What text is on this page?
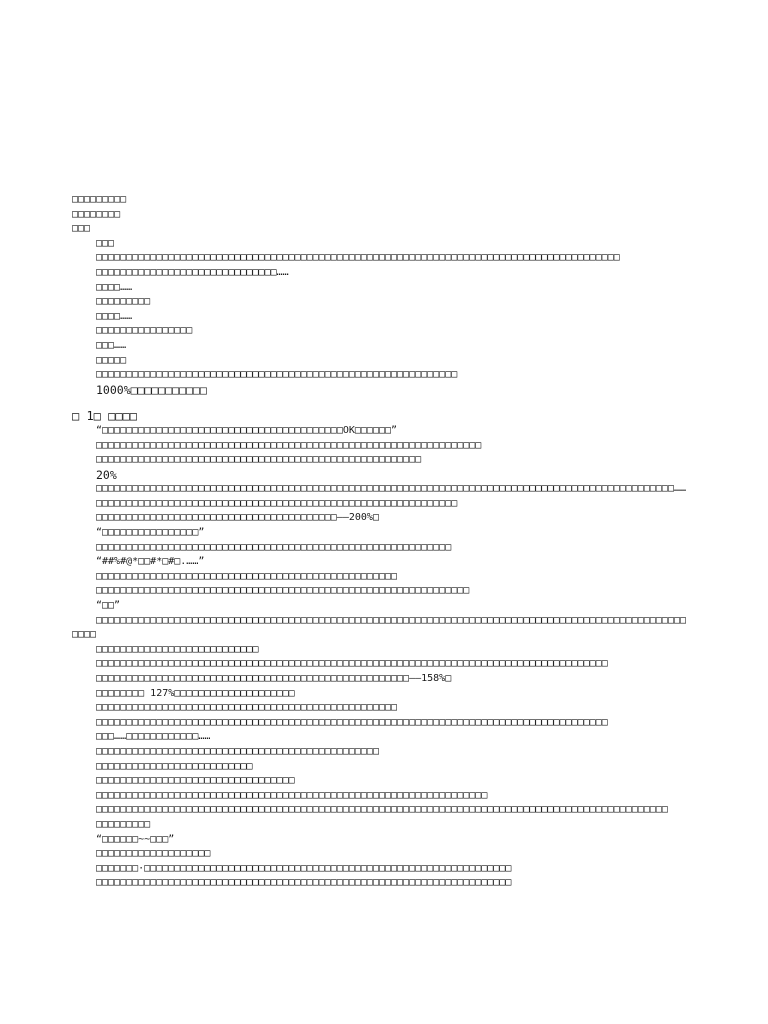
□□□□□□□□□
□□□□□□□□
□□□
□□□
□□□□□□□□□□□□□□□□□□□□□□□□□□□□□□□□□□□□□□□□□□□□□□□□□□□□□□□□□□□□□□□□□□□□□□□□□□□□□□□□□□□□□□□
□□□□□□□□□□□□□□□□□□□□□□□□□□□□□□……
□□□□……
□□□□□□□□□
□□□□……
□□□□□□□□□□□□□□□□
□□□……
□□□□□
□□□□□□□□□□□□□□□□□□□□□□□□□□□□□□□□□□□□□□□□□□□□□□□□□□□□□□□□□□□□
1000%□□□□□□□□□□□
□ 1□ □□□□
“□□□□□□□□□□□□□□□□□□□□□□□□□□□□□□□□□□□□□□□□OK□□□□□□”
□□□□□□□□□□□□□□□□□□□□□□□□□□□□□□□□□□□□□□□□□□□□□□□□□□□□□□□□□□□□□□□□
□□□□□□□□□□□□□□□□□□□□□□□□□□□□□□□□□□□□□□□□□□□□□□□□□□□□□□
20%
□□□□□□□□□□□□□□□□□□□□□□□□□□□□□□□□□□□□□□□□□□□□□□□□□□□□□□□□□□□□□□□□□□□□□□□□□□□□□□□□□□□□□□□□□□□□□□□□……
□□□□□□□□□□□□□□□□□□□□□□□□□□□□□□□□□□□□□□□□□□□□□□□□□□□□□□□□□□□□
□□□□□□□□□□□□□□□□□□□□□□□□□□□□□□□□□□□□□□□□——200%□
“□□□□□□□□□□□□□□□□”
□□□□□□□□□□□□□□□□□□□□□□□□□□□□□□□□□□□□□□□□□□□□□□□□□□□□□□□□□□□
“##%#@*□□#*□#□.……”
□□□□□□□□□□□□□□□□□□□□□□□□□□□□□□□□□□□□□□□□□□□□□□□□□□
□□□□□□□□□□□□□□□□□□□□□□□□□□□□□□□□□□□□□□□□□□□□□□□□□□□□□□□□□□□□□□
“□□”
□□□□□□□□□□□□□□□□□□□□□□□□□□□□□□□□□□□□□□□□□□□□□□□□□□□□□□□□□□□□□□□□□□□□□□□□□□□□□□□□□□□□□□□□□□□□□□□□□□□□□□
□□□□□□□□□□□□□□□□□□□□□□□□□□□
□□□□□□□□□□□□□□□□□□□□□□□□□□□□□□□□□□□□□□□□□□□□□□□□□□□□□□□□□□□□□□□□□□□□□□□□□□□□□□□□□□□□□
□□□□□□□□□□□□□□□□□□□□□□□□□□□□□□□□□□□□□□□□□□□□□□□□□□□□——158%□
□□□□□□□□ 127%□□□□□□□□□□□□□□□□□□□□
□□□□□□□□□□□□□□□□□□□□□□□□□□□□□□□□□□□□□□□□□□□□□□□□□□
□□□□□□□□□□□□□□□□□□□□□□□□□□□□□□□□□□□□□□□□□□□□□□□□□□□□□□□□□□□□□□□□□□□□□□□□□□□□□□□□□□□□□
□□□……□□□□□□□□□□□□……
□□□□□□□□□□□□□□□□□□□□□□□□□□□□□□□□□□□□□□□□□□□□□□□
□□□□□□□□□□□□□□□□□□□□□□□□□□
□□□□□□□□□□□□□□□□□□□□□□□□□□□□□□□□□
□□□□□□□□□□□□□□□□□□□□□□□□□□□□□□□□□□□□□□□□□□□□□□□□□□□□□□□□□□□□□□□□□
□□□□□□□□□□□□□□□□□□□□□□□□□□□□□□□□□□□□□□□□□□□□□□□□□□□□□□□□□□□□□□□□□□□□□□□□□□□□□□□□□□□□□□□□□□□□□□□
□□□□□□□□□
“□□□□□□~~□□□”
□□□□□□□□□□□□□□□□□□□
□□□□□□□·□□□□□□□□□□□□□□□□□□□□□□□□□□□□□□□□□□□□□□□□□□□□□□□□□□□□□□□□□□□□□
□□□□□□□□□□□□□□□□□□□□□□□□□□□□□□□□□□□□□□□□□□□□□□□□□□□□□□□□□□□□□□□□□□□□□
